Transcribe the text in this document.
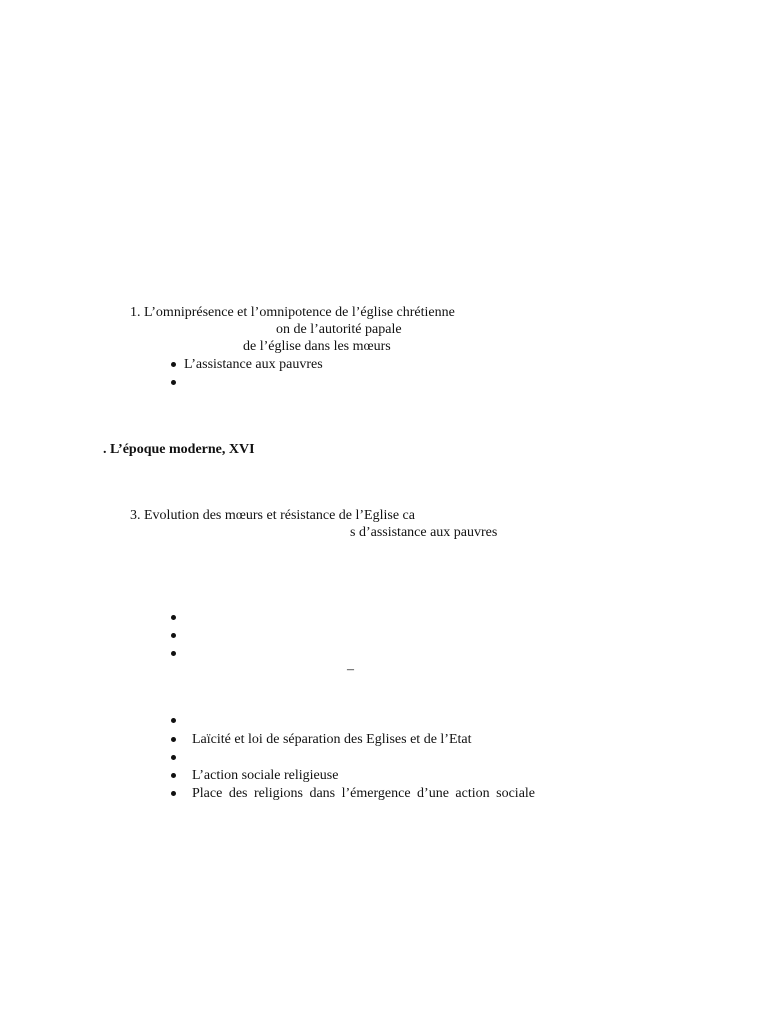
1. L’omniprésence et l’omnipotence de l’église chrétienne
on de l’autorité papale
de l’église dans les mœurs
L’assistance aux pauvres
. L’époque moderne, XVI
3. Evolution des mœurs et résistance de l’Eglise ca
s d’assistance aux pauvres
–
Laïcité et loi de séparation des Eglises et de l’Etat
L’action sociale religieuse
Place des religions dans l’émergence d’une action sociale
